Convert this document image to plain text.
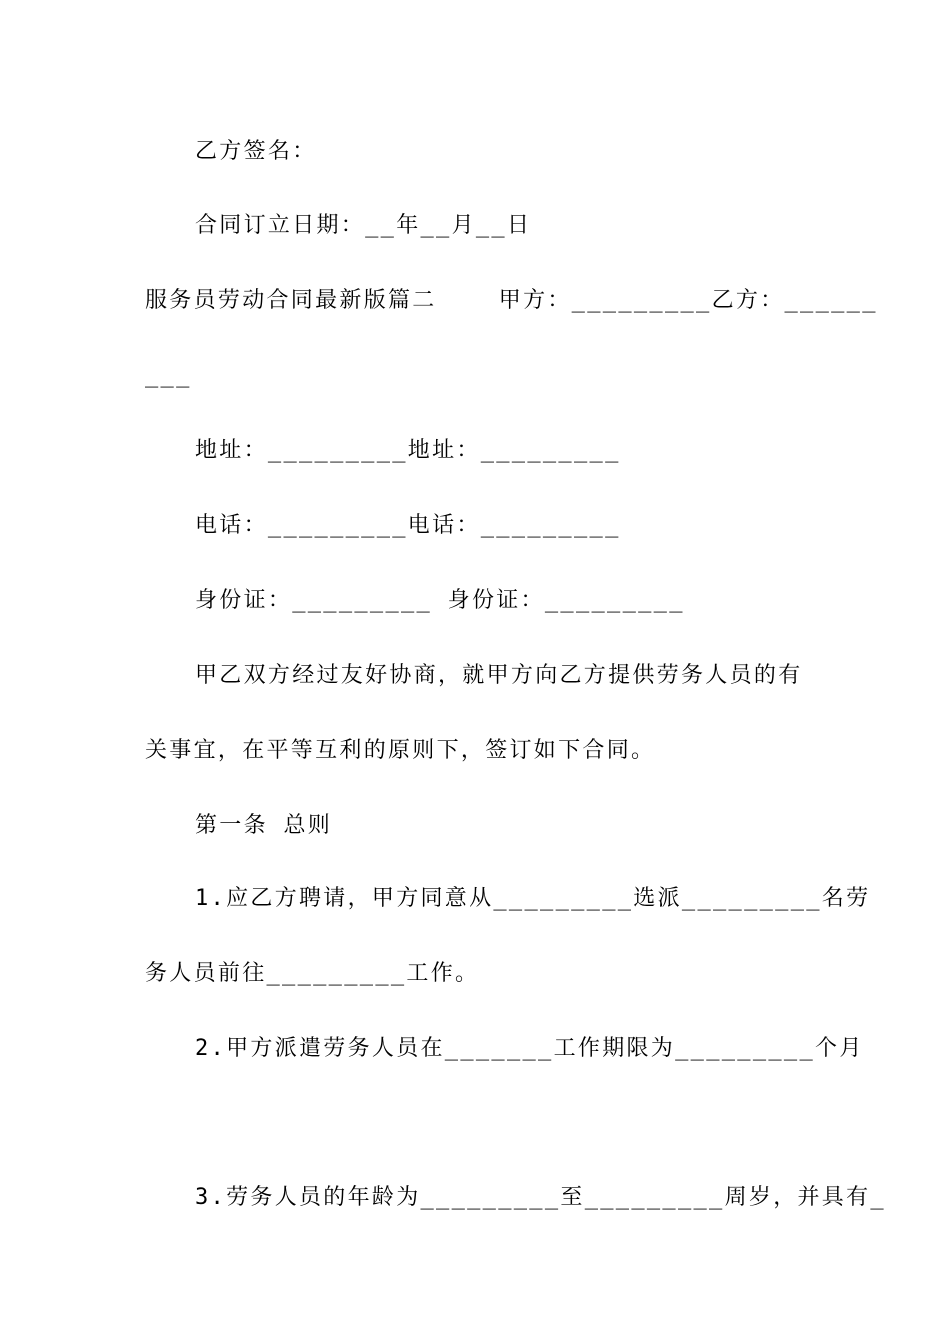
乙方签名：
合同订立日期：__年__月__日
服务员劳动合同最新版篇二    甲方：_________乙方：______
___
地址：_________地址：_________
电话：_________电话：_________
身份证：_________ 身份证：_________
甲乙双方经过友好协商，就甲方向乙方提供劳务人员的有
关事宜，在平等互利的原则下，签订如下合同。
第一条 总则
1.应乙方聘请，甲方同意从_________选派_________名劳
务人员前往_________工作。
2.甲方派遣劳务人员在_______工作期限为_________个月
3.劳务人员的年龄为_________至_________周岁，并具有_
